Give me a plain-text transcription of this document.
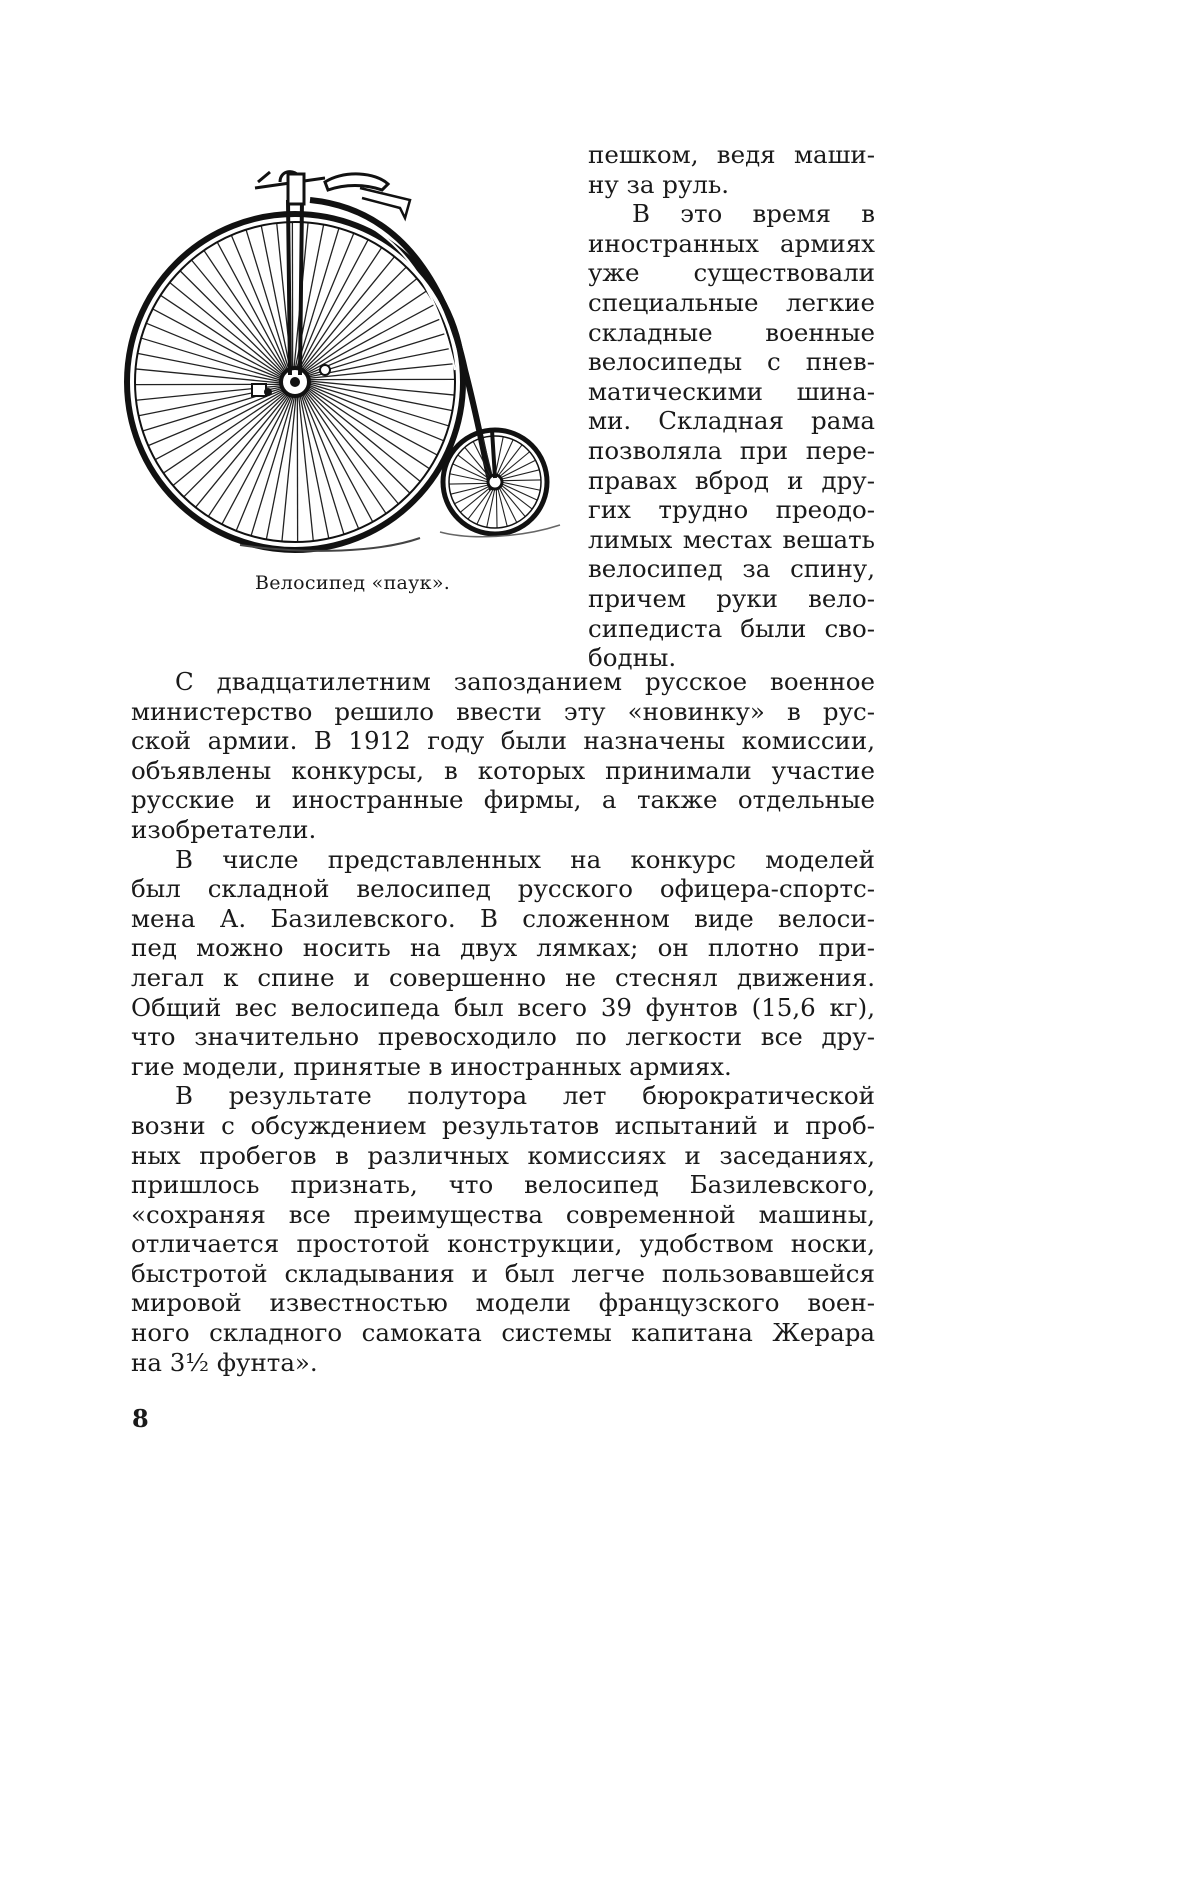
Велосипед «паук».
пешком, ведя маши-
ну за руль.
В это время в
иностранных армиях
уже существовали
специальные легкие
складные военные
велосипеды с пнев-
матическими шина-
ми. Складная рама
позволяла при пере-
правах вброд и дру-
гих трудно преодо-
лимых местах вешать
велосипед за спину,
причем руки вело-
сипедиста были сво-
бодны.
С двадцатилетним запозданием русское военное
министерство решило ввести эту «новинку» в рус-
ской армии. В 1912 году были назначены комиссии,
объявлены конкурсы, в которых принимали участие
русские и иностранные фирмы, а также отдельные
изобретатели.
В числе представленных на конкурс моделей
был складной велосипед русского офицера-спортс-
мена А. Базилевского. В сложенном виде велоси-
пед можно носить на двух лямках; он плотно при-
легал к спине и совершенно не стеснял движения.
Общий вес велосипеда был всего 39 фунтов (15,6 кг),
что значительно превосходило по легкости все дру-
гие модели, принятые в иностранных армиях.
В результате полутора лет бюрократической
возни с обсуждением результатов испытаний и проб-
ных пробегов в различных комиссиях и заседаниях,
пришлось признать, что велосипед Базилевского,
«сохраняя все преимущества современной машины,
отличается простотой конструкции, удобством носки,
быстротой складывания и был легче пользовавшейся
мировой известностью модели французского воен-
ного складного самоката системы капитана Жерара
на 3½ фунта».
8
